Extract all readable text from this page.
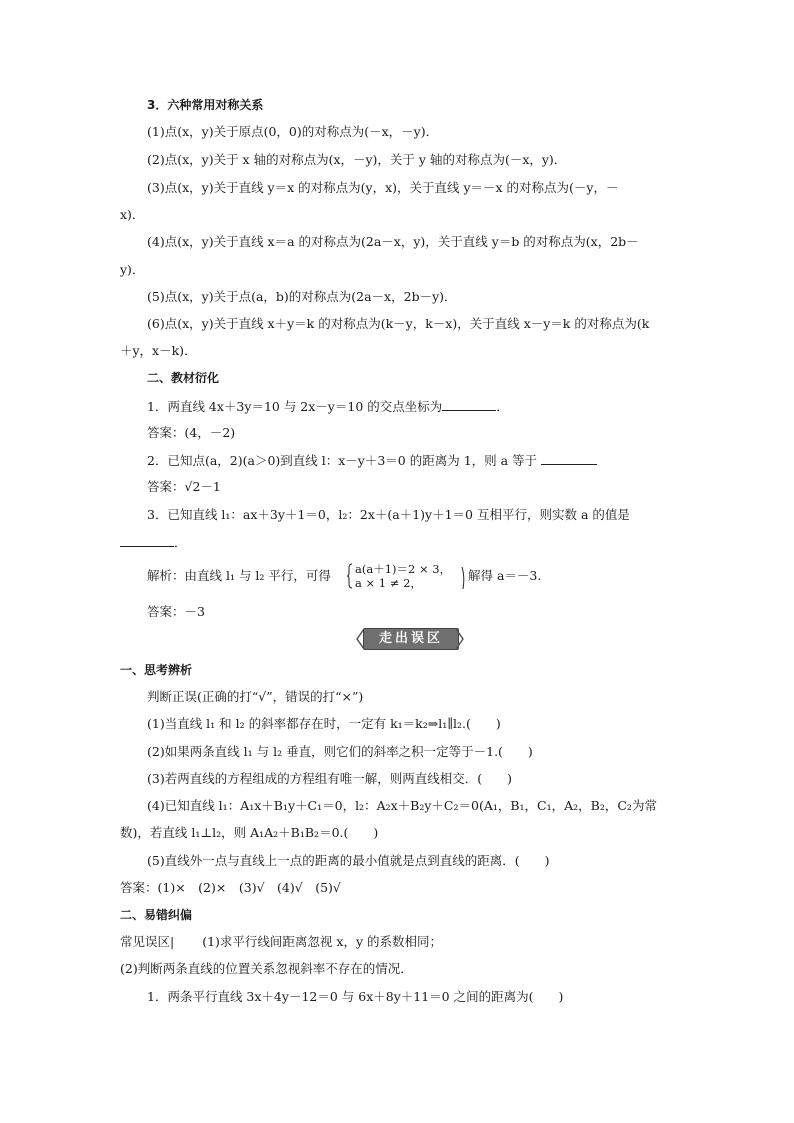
3．六种常用对称关系
(1)点(x，y)关于原点(0，0)的对称点为(－x，－y)．
(2)点(x，y)关于 x 轴的对称点为(x，－y)，关于 y 轴的对称点为(－x，y)．
(3)点(x，y)关于直线 y＝x 的对称点为(y，x)，关于直线 y＝－x 的对称点为(－y，－
x)．
(4)点(x，y)关于直线 x＝a 的对称点为(2a－x，y)，关于直线 y＝b 的对称点为(x，2b－
y)．
(5)点(x，y)关于点(a，b)的对称点为(2a－x，2b－y)．
(6)点(x，y)关于直线 x＋y＝k 的对称点为(k－y，k－x)，关于直线 x－y＝k 的对称点为(k
＋y，x－k)．
二、教材衍化
1．两直线 4x＋3y＝10 与 2x－y＝10 的交点坐标为	．
答案：(4，－2)
2．已知点(a，2)(a＞0)到直线 l：x－y＋3＝0 的距离为 1，则 a 等于
答案：√2－1
3．已知直线 l₁：ax＋3y＋1＝0，l₂：2x＋(a＋1)y＋1＝0 互相平行，则实数 a 的值是
．
解析：由直线 l₁ 与 l₂ 平行，可得	a(a＋1)＝2 × 3，
a × 1 ≠ 2，	解得 a＝－3.
答案：－3
走出误区
一、思考辨析
判断正误(正确的打“√”，错误的打“×”)
(1)当直线 l₁ 和 l₂ 的斜率都存在时，一定有 k₁＝k₂⇒l₁∥l₂.(　　)
(2)如果两条直线 l₁ 与 l₂ 垂直，则它们的斜率之积一定等于－1.(　　)
(3)若两直线的方程组成的方程组有唯一解，则两直线相交．(　　)
(4)已知直线 l₁：A₁x＋B₁y＋C₁＝0，l₂：A₂x＋B₂y＋C₂＝0(A₁，B₁，C₁，A₂，B₂，C₂为常
数)，若直线 l₁⊥l₂，则 A₁A₂＋B₁B₂＝0.(　　)
(5)直线外一点与直线上一点的距离的最小值就是点到直线的距离．(　　)
答案：(1)×　(2)×　(3)√　(4)√　(5)√
二、易错纠偏
常见误区| (1)求平行线间距离忽视 x，y 的系数相同；
(2)判断两条直线的位置关系忽视斜率不存在的情况．
1．两条平行直线 3x＋4y－12＝0 与 6x＋8y＋11＝0 之间的距离为(　　)
